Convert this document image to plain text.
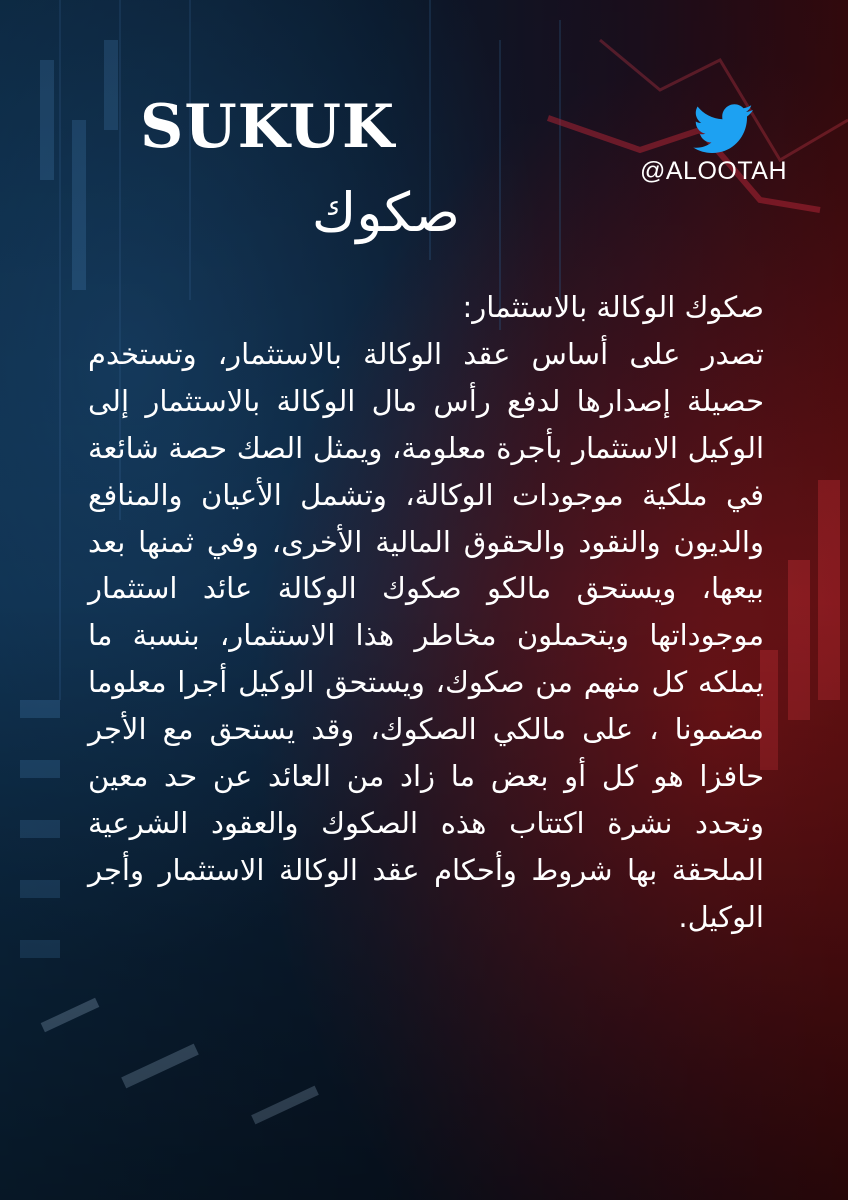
SUKUK
صكوك
@ALOOTAH
صكوك الوكالة بالاستثمار:
تصدر على أساس عقد الوكالة بالاستثمار، وتستخدم حصيلة إصدارها لدفع رأس مال الوكالة بالاستثمار إلى الوكيل الاستثمار بأجرة معلومة، ويمثل الصك حصة شائعة في ملكية موجودات الوكالة، وتشمل الأعيان والمنافع والديون والنقود والحقوق المالية الأخرى، وفي ثمنها بعد بيعها، ويستحق مالكو صكوك الوكالة عائد استثمار موجوداتها ويتحملون مخاطر هذا الاستثمار، بنسبة ما يملكه كل منهم من صكوك، ويستحق الوكيل أجرا معلوما مضمونا ، على مالكي الصكوك، وقد يستحق مع الأجر حافزا هو كل أو بعض ما زاد من العائد عن حد معين وتحدد نشرة اكتتاب هذه الصكوك والعقود الشرعية الملحقة بها شروط وأحكام عقد الوكالة الاستثمار وأجر الوكيل.
